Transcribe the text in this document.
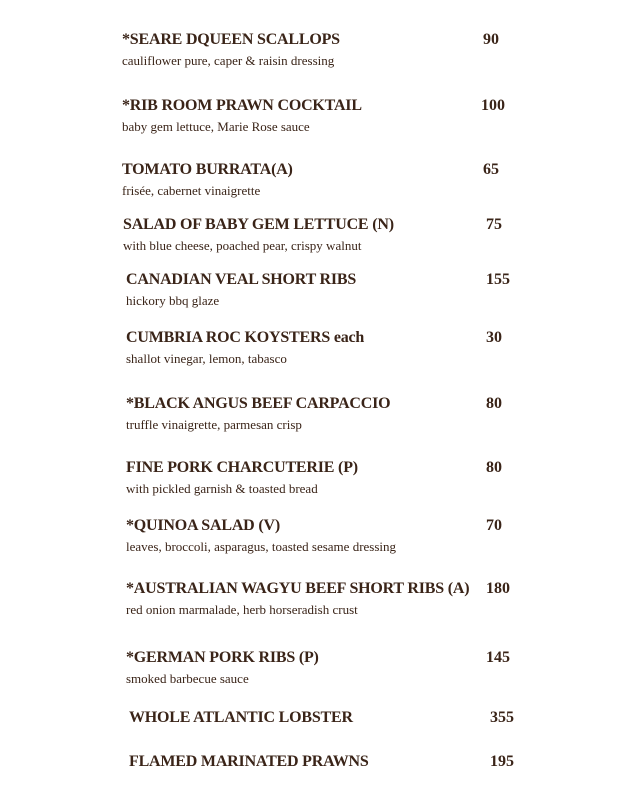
*SEARE DQUEEN SCALLOPS
cauliflower pure, caper & raisin dressing
90
*RIB ROOM PRAWN COCKTAIL
baby gem lettuce, Marie Rose sauce
100
TOMATO BURRATA(A)
frisée, cabernet vinaigrette
65
SALAD OF BABY GEM LETTUCE (N)
with blue cheese, poached pear, crispy walnut
75
CANADIAN VEAL SHORT RIBS
hickory bbq glaze
155
CUMBRIA ROC KOYSTERS each
shallot vinegar, lemon, tabasco
30
*BLACK ANGUS BEEF CARPACCIO
truffle vinaigrette, parmesan crisp
80
FINE PORK CHARCUTERIE (P)
with pickled garnish & toasted bread
80
*QUINOA SALAD (V)
leaves, broccoli, asparagus, toasted sesame dressing
70
*AUSTRALIAN WAGYU BEEF SHORT RIBS (A)
red onion marmalade, herb horseradish crust
180
*GERMAN PORK RIBS (P)
smoked barbecue sauce
145
WHOLE ATLANTIC LOBSTER	355
FLAMED MARINATED PRAWNS	195
